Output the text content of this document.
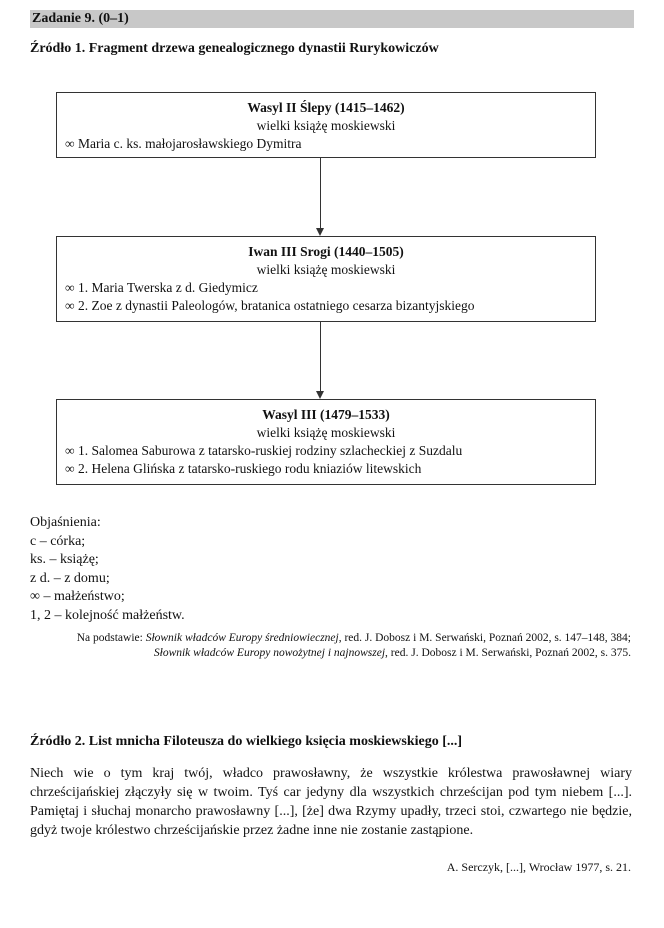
Zadanie 9. (0–1)
Źródło 1. Fragment drzewa genealogicznego dynastii Rurykowiczów
Wasyl II Ślepy (1415–1462)
wielki książę moskiewski
∞ Maria c. ks. małojarosławskiego Dymitra
Iwan III Srogi (1440–1505)
wielki książę moskiewski
∞ 1. Maria Twerska z d. Giedymicz
∞ 2. Zoe z dynastii Paleologów, bratanica ostatniego cesarza bizantyjskiego
Wasyl III (1479–1533)
wielki książę moskiewski
∞ 1. Salomea Saburowa z tatarsko-ruskiej rodziny szlacheckiej z Suzdalu
∞ 2. Helena Glińska z tatarsko-ruskiego rodu kniaziów litewskich
Objaśnienia:
c – córka;
ks. – książę;
z d. – z domu;
∞ – małżeństwo;
1, 2 – kolejność małżeństw.
Na podstawie: Słownik władców Europy średniowiecznej, red. J. Dobosz i M. Serwański, Poznań 2002, s. 147–148, 384; Słownik władców Europy nowożytnej i najnowszej, red. J. Dobosz i M. Serwański, Poznań 2002, s. 375.
Źródło 2. List mnicha Filoteusza do wielkiego księcia moskiewskiego [...]
Niech wie o tym kraj twój, władco prawosławny, że wszystkie królestwa prawosławnej wiary chrześcijańskiej złączyły się w twoim. Tyś car jedyny dla wszystkich chrześcijan pod tym niebem [...]. Pamiętaj i słuchaj monarcho prawosławny [...], [że] dwa Rzymy upadły, trzeci stoi, czwartego nie będzie, gdyż twoje królestwo chrześcijańskie przez żadne inne nie zostanie zastąpione.
A. Serczyk, [...], Wrocław 1977, s. 21.
